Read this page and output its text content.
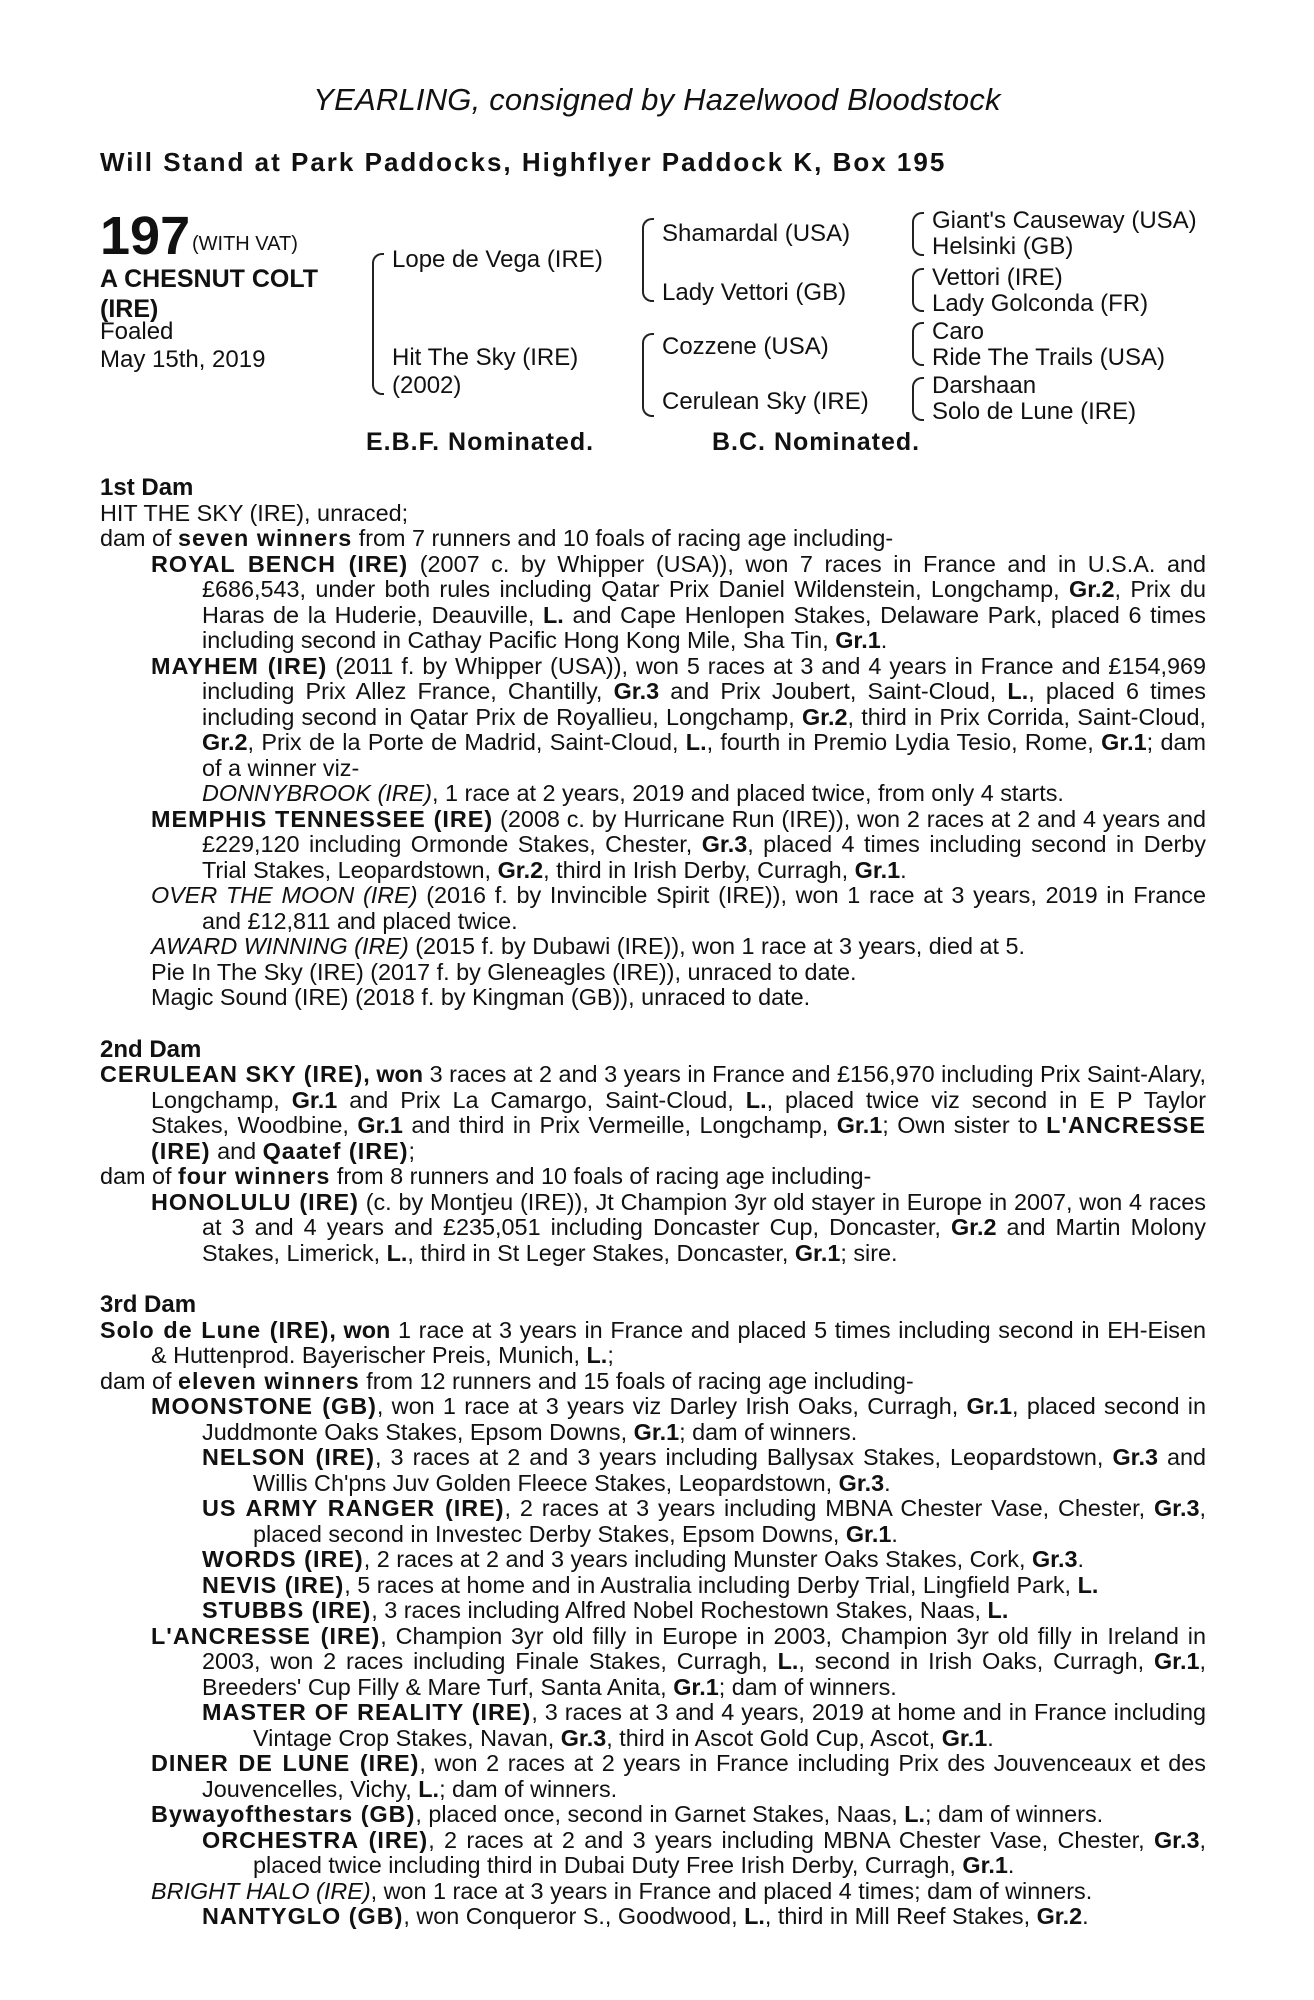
YEARLING, consigned by Hazelwood Bloodstock
Will Stand at Park Paddocks, Highflyer Paddock K, Box 195
197 (WITH VAT)
A CHESNUT COLT
(IRE)
Foaled
May 15th, 2019
Lope de Vega (IRE)
Hit The Sky (IRE)
(2002)
Shamardal (USA)
Lady Vettori (GB)
Cozzene (USA)
Cerulean Sky (IRE)
Giant's Causeway (USA)
Helsinki (GB)
Vettori (IRE)
Lady Golconda (FR)
Caro
Ride The Trails (USA)
Darshaan
Solo de Lune (IRE)
E.B.F. Nominated.	B.C. Nominated.

1st Dam

HIT THE SKY (IRE), unraced;

dam of seven winners from 7 runners and 10 foals of racing age including-

ROYAL BENCH (IRE) (2007 c. by Whipper (USA)), won 7 races in France and in U.S.A. and £686,543, under both rules including Qatar Prix Daniel Wildenstein, Longchamp, Gr.2, Prix du Haras de la Huderie, Deauville, L. and Cape Henlopen Stakes, Delaware Park, placed 6 times including second in Cathay Pacific Hong Kong Mile, Sha Tin, Gr.1.

MAYHEM (IRE) (2011 f. by Whipper (USA)), won 5 races at 3 and 4 years in France and £154,969 including Prix Allez France, Chantilly, Gr.3 and Prix Joubert, Saint-Cloud, L., placed 6 times including second in Qatar Prix de Royallieu, Longchamp, Gr.2, third in Prix Corrida, Saint-Cloud, Gr.2, Prix de la Porte de Madrid, Saint-Cloud, L., fourth in Premio Lydia Tesio, Rome, Gr.1; dam of a winner viz-

DONNYBROOK (IRE), 1 race at 2 years, 2019 and placed twice, from only 4 starts.

MEMPHIS TENNESSEE (IRE) (2008 c. by Hurricane Run (IRE)), won 2 races at 2 and 4 years and £229,120 including Ormonde Stakes, Chester, Gr.3, placed 4 times including second in Derby Trial Stakes, Leopardstown, Gr.2, third in Irish Derby, Curragh, Gr.1.

OVER THE MOON (IRE) (2016 f. by Invincible Spirit (IRE)), won 1 race at 3 years, 2019 in France and £12,811 and placed twice.

AWARD WINNING (IRE) (2015 f. by Dubawi (IRE)), won 1 race at 3 years, died at 5.

Pie In The Sky (IRE) (2017 f. by Gleneagles (IRE)), unraced to date.

Magic Sound (IRE) (2018 f. by Kingman (GB)), unraced to date.

2nd Dam

CERULEAN SKY (IRE), won 3 races at 2 and 3 years in France and £156,970 including Prix Saint-Alary, Longchamp, Gr.1 and Prix La Camargo, Saint-Cloud, L., placed twice viz second in E P Taylor Stakes, Woodbine, Gr.1 and third in Prix Vermeille, Longchamp, Gr.1; Own sister to L'ANCRESSE (IRE) and Qaatef (IRE);

dam of four winners from 8 runners and 10 foals of racing age including-

HONOLULU (IRE) (c. by Montjeu (IRE)), Jt Champion 3yr old stayer in Europe in 2007, won 4 races at 3 and 4 years and £235,051 including Doncaster Cup, Doncaster, Gr.2 and Martin Molony Stakes, Limerick, L., third in St Leger Stakes, Doncaster, Gr.1; sire.

3rd Dam

Solo de Lune (IRE), won 1 race at 3 years in France and placed 5 times including second in EH-Eisen & Huttenprod. Bayerischer Preis, Munich, L.;

dam of eleven winners from 12 runners and 15 foals of racing age including-

MOONSTONE (GB), won 1 race at 3 years viz Darley Irish Oaks, Curragh, Gr.1, placed second in Juddmonte Oaks Stakes, Epsom Downs, Gr.1; dam of winners.

NELSON (IRE), 3 races at 2 and 3 years including Ballysax Stakes, Leopardstown, Gr.3 and Willis Ch'pns Juv Golden Fleece Stakes, Leopardstown, Gr.3.

US ARMY RANGER (IRE), 2 races at 3 years including MBNA Chester Vase, Chester, Gr.3, placed second in Investec Derby Stakes, Epsom Downs, Gr.1.

WORDS (IRE), 2 races at 2 and 3 years including Munster Oaks Stakes, Cork, Gr.3.

NEVIS (IRE), 5 races at home and in Australia including Derby Trial, Lingfield Park, L.

STUBBS (IRE), 3 races including Alfred Nobel Rochestown Stakes, Naas, L.

L'ANCRESSE (IRE), Champion 3yr old filly in Europe in 2003, Champion 3yr old filly in Ireland in 2003, won 2 races including Finale Stakes, Curragh, L., second in Irish Oaks, Curragh, Gr.1, Breeders' Cup Filly & Mare Turf, Santa Anita, Gr.1; dam of winners.

MASTER OF REALITY (IRE), 3 races at 3 and 4 years, 2019 at home and in France including Vintage Crop Stakes, Navan, Gr.3, third in Ascot Gold Cup, Ascot, Gr.1.

DINER DE LUNE (IRE), won 2 races at 2 years in France including Prix des Jouvenceaux et des Jouvencelles, Vichy, L.; dam of winners.

Bywayofthestars (GB), placed once, second in Garnet Stakes, Naas, L.; dam of winners.

ORCHESTRA (IRE), 2 races at 2 and 3 years including MBNA Chester Vase, Chester, Gr.3, placed twice including third in Dubai Duty Free Irish Derby, Curragh, Gr.1.

BRIGHT HALO (IRE), won 1 race at 3 years in France and placed 4 times; dam of winners.

NANTYGLO (GB), won Conqueror S., Goodwood, L., third in Mill Reef Stakes, Gr.2.
